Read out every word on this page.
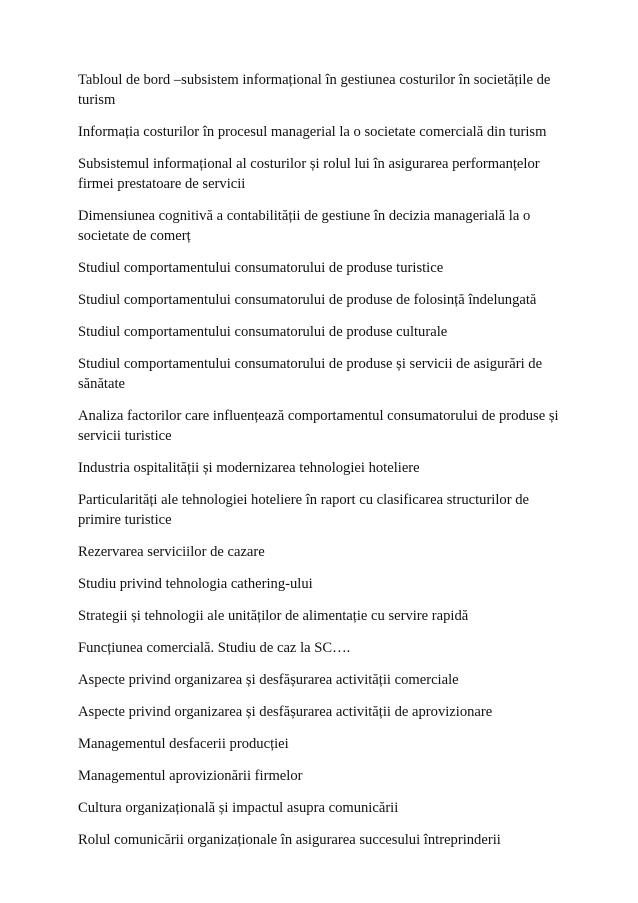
Tabloul de bord –subsistem informațional în gestiunea costurilor în societățile de turism
Informația costurilor în procesul managerial la o societate comercială din turism
Subsistemul informațional al costurilor și rolul lui în asigurarea performanțelor firmei prestatoare de servicii
Dimensiunea cognitivă a contabilității de gestiune în decizia managerială la o societate de comerț
Studiul comportamentului consumatorului de produse turistice
Studiul comportamentului consumatorului de produse de folosință îndelungată
Studiul comportamentului consumatorului de produse culturale
Studiul comportamentului consumatorului de produse și servicii de asigurări de sănătate
Analiza factorilor care influențează comportamentul consumatorului de produse și servicii turistice
Industria ospitalității și modernizarea tehnologiei hoteliere
Particularități ale tehnologiei hoteliere în raport cu clasificarea structurilor de primire turistice
Rezervarea serviciilor de cazare
Studiu privind tehnologia cathering-ului
Strategii și tehnologii ale unităților de alimentație cu servire rapidă
Funcțiunea comercială. Studiu de caz la SC….
Aspecte privind organizarea și desfășurarea activității comerciale
Aspecte privind organizarea și desfășurarea activității de aprovizionare
Managementul desfacerii producției
Managementul aprovizionării firmelor
Cultura organizațională și impactul asupra comunicării
Rolul comunicării organizaționale în asigurarea succesului întreprinderii
